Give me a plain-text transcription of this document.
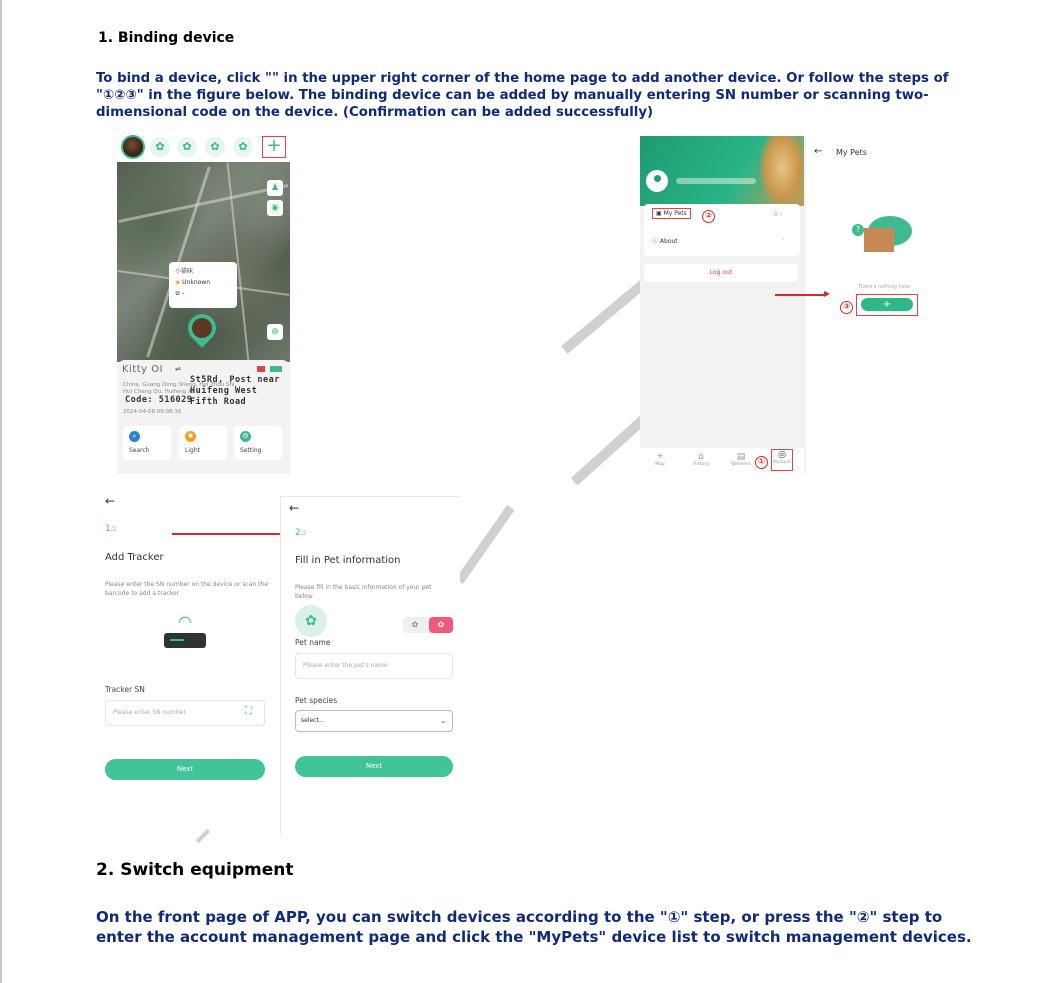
1. Binding device
To bind a device, click "" in the upper right corner of the home page to add another device. Or follow the steps of "①②③" in the figure below. The binding device can be added by manually entering SN number or scanning two-dimensional code on the device. (Confirmation can be added successfully)
✿	✿	✿	✿ +
♟
◉
⊕
小猫咪
◉ Unknown
✿ -
Kitty OI ⇌
China, Guang Dong Sheng, Hui Zhou Shi, Hui Cheng Qu, Huifeng Xi
St5Rd, Post near Huifeng West Fifth Road
Code: 516029
2024-04-08 09:08:16
⌕
Search
✹
Light
⚙
Setting
▣ My Pets	②	0 ›
ⓘ About	›
Log out
⌖
Map
⌂
History
▤
Wellness ①
◎
Account
← My Pets
?
There's nothing here
+
③
←
1/2
Add Tracker
Please enter the SN number on the device or scan the barcode to add a tracker
◠
Tracker SN
Please enter SN number	⛶
Next
←
2/2
Fill in Pet information
Please fill in the basic information of your pet below
✿	✿	✿
Pet name
Please enter the pet's name
Pet species
select...	⌄
Next
2. Switch equipment
On the front page of APP, you can switch devices according to the "①" step, or press the "②" step to enter the account management page and click the "MyPets" device list to switch management devices.
